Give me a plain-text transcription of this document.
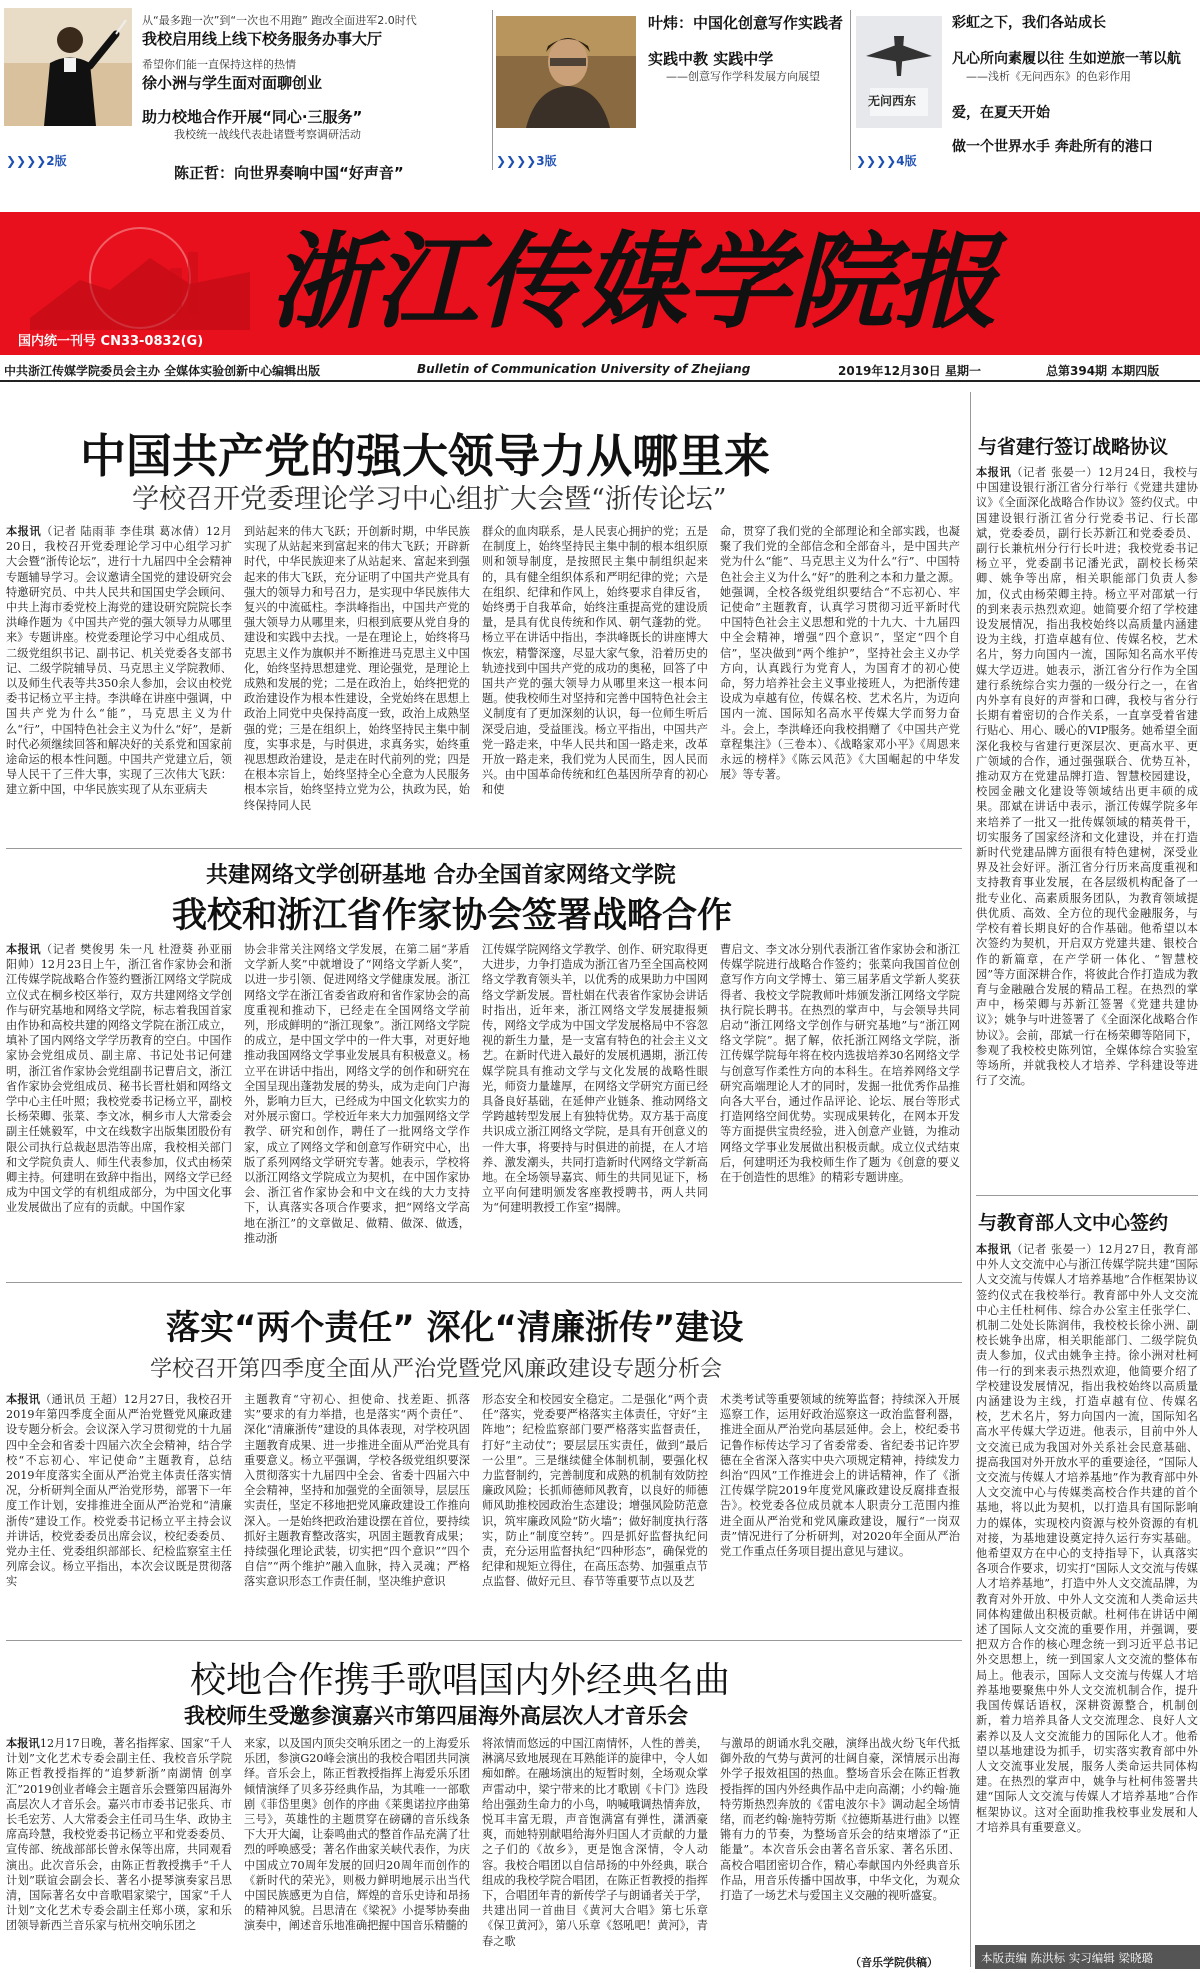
从“最多跑一次”到“一次也不用跑” 跑改全面进军2.0时代
我校启用线上线下校务服务办事大厅
希望你们能一直保持这样的热情
徐小洲与学生面对面聊创业
助力校地合作开展“同心·三服务”
我校统一战线代表赴诸暨考察调研活动
陈正哲：向世界奏响中国“好声音”
❯❯❯❯2版
叶炜：中国化创意写作实践者
实践中教 实践中学
——创意写作学科发展方向展望
❯❯❯❯3版
无问西东
彩虹之下，我们各站成长
凡心所向素履以往 生如逆旅一苇以航
——浅析《无问西东》的色彩作用
爱，在夏天开始
做一个世界水手 奔赴所有的港口
❯❯❯❯4版
浙江传媒学院报
国内统一刊号 CN33-0832(G)
中共浙江传媒学院委员会主办 全媒体实验创新中心编辑出版	Bulletin of Communication University of Zhejiang	2019年12月30日 星期一	总第394期 本期四版
与省建行签订战略协议
本报讯（记者 张晏一）12月24日，我校与中国建设银行浙江省分行举行《党建共建协议》《全面深化战略合作协议》签约仪式。中国建设银行浙江省分行党委书记、行长邵斌，党委委员，副行长苏新江和党委委员、副行长兼杭州分行行长叶进；我校党委书记杨立平，党委副书记潘光武，副校长杨荣卿、姚争等出席，相关职能部门负责人参加，仪式由杨荣卿主持。杨立平对邵斌一行的到来表示热烈欢迎。她简要介绍了学校建设发展情况，指出我校始终以高质量内涵建设为主线，打造卓越有位、传媒名校，艺术名片，努力向国内一流，国际知名高水平传媒大学迈进。她表示，浙江省分行作为全国建行系统综合实力强的一级分行之一，在省内外享有良好的声誉和口碑，我校与省分行长期有着密切的合作关系，一直享受着省建行贴心、用心、暖心的VIP服务。她希望全面深化我校与省建行更深层次、更高水平、更广领域的合作，通过强强联合、优势互补，推动双方在党建品牌打造、智慧校园建设，校园金融文化建设等领域结出更丰硕的成果。邵斌在讲话中表示，浙江传媒学院多年来培养了一批又一批传媒领域的精英骨干，切实服务了国家经济和文化建设，并在打造新时代党建品牌方面很有特色建树，深受业界及社会好评。浙江省分行历来高度重视和支持教育事业发展，在各层级机构配备了一批专业化、高素质服务团队，为教育领域提供优质、高效、全方位的现代金融服务，与学校有着长期良好的合作基础。他希望以本次签约为契机，开启双方党建共建、银校合作的新篇章，在产学研一体化、“智慧校园”等方面深耕合作，将彼此合作打造成为教育与金融融合发展的精品工程。在热烈的掌声中，杨荣卿与苏新江签署《党建共建协议》；姚争与叶进签署了《全面深化战略合作协议》。会前，邵斌一行在杨荣卿等陪同下，参观了我校校史陈列馆，全媒体综合实验室等场所，并就我校人才培养、学科建设等进行了交流。
与教育部人文中心签约
本报讯（记者 张晏一）12月27日，教育部中外人文交流中心与浙江传媒学院共建“国际人文交流与传媒人才培养基地”合作框架协议签约仪式在我校举行。教育部中外人文交流中心主任杜柯伟、综合办公室主任张学仁、机制二处处长陈润伟，我校校长徐小洲、副校长姚争出席，相关职能部门、二级学院负责人参加，仪式由姚争主持。徐小洲对杜柯伟一行的到来表示热烈欢迎，他简要介绍了学校建设发展情况，指出我校始终以高质量内涵建设为主线，打造卓越有位、传媒名校，艺术名片，努力向国内一流，国际知名高水平传媒大学迈进。他表示，目前中外人文交流已成为我国对外关系社会民意基础、提高我国对外开放水平的重要途径，“国际人文交流与传媒人才培养基地”作为教育部中外人文交流中心与传媒类高校合作共建的首个基地，将以此为契机，以打造具有国际影响力的媒体，实现校内资源与校外资源的有机对接，为基地建设奠定持久运行夯实基础。他希望双方在中心的支持指导下，认真落实各项合作要求，切实打“国际人文交流与传媒人才培养基地”，打造中外人文交流品牌，为教育对外开放、中外人文交流和人类命运共同体构建做出积极贡献。杜柯伟在讲话中阐述了国际人文交流的重要作用，并强调，要把双方合作的核心理念统一到习近平总书记外交思想上，统一到国家人文交流的整体布局上。他表示，国际人文交流与传媒人才培养基地要聚焦中外人文交流机制合作，提升我国传媒话语权，深耕资源整合，机制创新，着力培养具备人文交流理念、良好人文素养以及人文交流能力的国际化人才。他希望以基地建设为抓手，切实落实教育部中外人文交流事业发展，服务人类命运共同体构建。在热烈的掌声中，姚争与杜柯伟签署共建“国际人文交流与传媒人才培养基地”合作框架协议。这对全面助推我校事业发展和人才培养具有重要意义。
中国共产党的强大领导力从哪里来
学校召开党委理论学习中心组扩大会暨“浙传论坛”
本报讯（记者 陆雨菲 李佳琪 葛冰倩）12月20日，我校召开党委理论学习中心组学习扩大会暨“浙传论坛”，进行十九届四中全会精神专题辅导学习。会议邀请全国党的建设研究会特邀研究员、中共人民共和国国史学会顾问、中共上海市委党校上海党的建设研究院院长李洪峰作题为《中国共产党的强大领导力从哪里来》专题讲座。校党委理论学习中心组成员、二级党组织书记、副书记、机关党委各支部书记、二级学院辅导员、马克思主义学院教师、以及师生代表等共350余人参加，会议由校党委书记杨立平主持。李洪峰在讲座中强调，中国共产党为什么“能”，马克思主义为什么“行”，中国特色社会主义为什么“好”，是新时代必须继续回答和解决好的关系党和国家前途命运的根本性问题。中国共产党建立后，领导人民干了三件大事，实现了三次伟大飞跃：建立新中国，中华民族实现了从东亚病夫
到站起来的伟大飞跃；开创新时期，中华民族实现了从站起来到富起来的伟大飞跃；开辟新时代，中华民族迎来了从站起来、富起来到强起来的伟大飞跃，充分证明了中国共产党具有强大的领导力和号召力，是实现中华民族伟大复兴的中流砥柱。李洪峰指出，中国共产党的强大领导力从哪里来，归根到底要从党自身的建设和实践中去找。一是在理论上，始终将马克思主义作为旗帜并不断推进马克思主义中国化，始终坚持思想建党、理论强党，是理论上成熟和发展的党；二是在政治上，始终把党的政治建设作为根本性建设，全党始终在思想上政治上同党中央保持高度一致，政治上成熟坚强的党；三是在组织上，始终坚持民主集中制度，实事求是，与时俱进，求真务实，始终重视思想政治建设，是走在时代前列的党；四是在根本宗旨上，始终坚持全心全意为人民服务根本宗旨，始终坚持立党为公，执政为民，始终保持同人民
群众的血肉联系，是人民衷心拥护的党；五是在制度上，始终坚持民主集中制的根本组织原则和领导制度，是按照民主集中制组织起来的，具有健全组织体系和严明纪律的党；六是在组织、纪律和作风上，始终要求自律反省，始终勇于自我革命，始终注重提高党的建设质量，是具有优良传统和作风、朝气蓬勃的党。杨立平在讲话中指出，李洪峰既长的讲座博大恢宏，精警深邃，尽显大家气象，沿着历史的轨迹找到中国共产党的成功的奥秘，回答了中国共产党的强大领导力从哪里来这一根本问题。使我校师生对坚持和完善中国特色社会主义制度有了更加深刻的认识，每一位师生听后深受启迪，受益匪浅。杨立平指出，中国共产党一路走来，中华人民共和国一路走来，改革开放一路走来，我们党为人民而生，因人民而兴。由中国革命传统和红色基因所孕育的初心和使
命，贯穿了我们党的全部理论和全部实践，也凝聚了我们党的全部信念和全部奋斗，是中国共产党为什么“能”、马克思主义为什么“行”、中国特色社会主义为什么“好”的胜利之本和力量之源。她强调，全校各级党组织要结合“不忘初心、牢记使命”主题教育，认真学习贯彻习近平新时代中国特色社会主义思想和党的十九大、十九届四中全会精神，增强“四个意识”，坚定“四个自信”，坚决做到“两个维护”，坚持社会主义办学方向，认真践行为党育人，为国育才的初心使命，努力培养社会主义事业接班人，为把浙传建设成为卓越有位，传媒名校、艺术名片，为迈向国内一流、国际知名高水平传媒大学而努力奋斗。会上，李洪峰还向我校捐赠了《中国共产党章程集注》（三卷本）、《战略家邓小平》《周恩来永远的榜样》《陈云风范》《大国崛起的中华发展》等专著。
共建网络文学创研基地 合办全国首家网络文学院
我校和浙江省作家协会签署战略合作
本报讯（记者 樊俊男 朱一凡 杜澄葵 孙亚丽 阳帅）12月23日上午，浙江省作家协会和浙江传媒学院战略合作签约暨浙江网络文学院成立仪式在桐乡校区举行，双方共建网络文学创作与研究基地和网络文学院，标志着我国首家由作协和高校共建的网络文学院在浙江成立，填补了国内网络文学学历教育的空白。中国作家协会党组成员、副主席、书记处书记何建明，浙江省作家协会党组副书记曹启文，浙江省作家协会党组成员、秘书长晋杜娟和网络文学中心主任叶照；我校党委书记杨立平，副校长杨荣卿、张菜、李文冰，桐乡市人大常委会副主任姚毅军，中文在线数字出版集团股份有限公司执行总裁赵思浩等出席，我校相关部门和文学院负责人、师生代表参加，仪式由杨荣卿主持。何建明在致辞中指出，网络文学已经成为中国文学的有机组成部分，为中国文化事业发展做出了应有的贡献。中国作家
协会非常关注网络文学发展，在第二届“茅盾文学新人奖”中就增设了“网络文学新人奖”，以进一步引领、促进网络文学健康发展。浙江网络文学在浙江省委省政府和省作家协会的高度重视和推动下，已经走在全国网络文学前列，形成鲜明的“浙江现象”。浙江网络文学院的成立，是中国文学中的一件大事，对更好地推动我国网络文学事业发展具有积极意义。杨立平在讲话中指出，网络文学的创作和研究在全国呈现出蓬勃发展的势头，成为走向门户海外，影响力巨大，已经成为中国文化软实力的对外展示窗口。学校近年来大力加强网络文学教学、研究和创作，聘任了一批网络文学作家，成立了网络文学和创意写作研究中心，出版了系列网络文学研究专著。她表示，学校将以浙江网络文学院成立为契机，在中国作家协会、浙江省作家协会和中文在线的大力支持下，认真落实各项合作要求，把“网络文学高地在浙江”的文章做足、做精、做深、做透，推动浙
江传媒学院网络文学教学、创作、研究取得更大进步，力争打造成为浙江省乃至全国高校网络文学教育领头羊，以优秀的成果助力中国网络文学新发展。晋杜娟在代表省作家协会讲话时指出，近年来，浙江网络文学发展捷报频传，网络文学成为中国文学发展格局中不容忽视的新生力量，是一支富有特色的社会主义文艺。在新时代进入最好的发展机遇期，浙江传媒学院具有推动文学与文化发展的战略性眼光，师资力量雄厚，在网络文学研究方面已经具备良好基础，在延伸产业链条、推动网络文学跨越转型发展上有独特优势。双方基于高度共识成立浙江网络文学院，是具有开创意义的一件大事，将要持与时俱进的前提，在人才培养、激发潮头，共同打造新时代网络文学新高地。在全场领导嘉宾、师生的共同见证下，杨立平向何建明颁发客座教授聘书，两人共同为“何建明教授工作室”揭牌。
曹启文、李文冰分别代表浙江省作家协会和浙江传媒学院进行战略合作签约；张菜向我国首位创意写作方向文学博士、第三届茅盾文学新人奖获得者、我校文学院教师叶炜颁发浙江网络文学院执行院长聘书。在热烈的掌声中，与会领导共同启动“浙江网络文学创作与研究基地”与“浙江网络文学院”。据了解，依托浙江网络文学院，浙江传媒学院每年将在校内选拔培养30名网络文学与创意写作柔性方向的本科生。在培养网络文学研究高端理论人才的同时，发掘一批优秀作品推向各大平台，通过作品评论、论坛、展台等形式打造网络空间优势。实现成果转化，在网本开发等方面提供宝贵经验，进入创意产业链，为推动网络文学事业发展做出积极贡献。成立仪式结束后，何建明还为我校师生作了题为《创意的要义在于创造性的思维》的精彩专题讲座。
落实“两个责任” 深化“清廉浙传”建设
学校召开第四季度全面从严治党暨党风廉政建设专题分析会
本报讯（通讯员 王超）12月27日，我校召开2019年第四季度全面从严治党暨党风廉政建设专题分析会。会议深入学习贯彻党的十九届四中全会和省委十四届六次全会精神，结合学校“不忘初心、牢记使命”主题教育，总结2019年度落实全面从严治党主体责任落实情况，分析研判全面从严治党形势，部署下一年度工作计划，安排推进全面从严治党和“清廉浙传”建设工作。校党委书记杨立平主持会议并讲话，校党委委员出席会议，校纪委委员、党办主任、党委组织部部长、纪检监察室主任列席会议。杨立平指出，本次会议既是贯彻落实
主题教育“守初心、担使命、找差距、抓落实”要求的有力举措，也是落实“两个责任”、深化“清廉浙传”建设的具体表现，对学校巩固主题教育成果、进一步推进全面从严治党具有重要意义。杨立平强调，学校各级党组织要深入贯彻落实十九届四中全会、省委十四届六中全会精神，坚持和加强党的全面领导，层层压实责任，坚定不移地把党风廉政建设工作推向深入。一是始终把政治建设摆在首位，要持续抓好主题教育整改落实，巩固主题教育成果；持续强化理论武装，切实把“四个意识”“四个自信”“两个维护”融入血脉，持入灵魂；严格落实意识形态工作责任制，坚决维护意识
形态安全和校园安全稳定。二是强化“两个责任”落实，党委要严格落实主体责任，守好“主阵地”；纪检监察部门要严格落实监督责任，打好“主动仗”；要层层压实责任，做到“最后一公里”。三是继续健全体制机制，要强化权力监督制约，完善制度和成熟的机制有效防控廉政风险；长抓师德师风教育，以良好的师德师风助推校园政治生态建设；增强风险防范意识，筑牢廉政风险“防火墙”；做好制度执行落实，防止“制度空转”。四是抓好监督执纪问责，充分运用监督执纪“四种形态”，确保党的纪律和规矩立得住，在高压态势、加强重点节点监督、做好元旦、春节等重要节点以及艺
术类考试等重要领域的统筹监督；持续深入开展巡察工作，运用好政治巡察这一政治监督利器，推进全面从严治党向基层延伸。会上，校纪委书记鲁作标传达学习了省委常委、省纪委书记许罗德在全省深入落实中央六项规定精神，持续发力纠治“四风”工作推进会上的讲话精神，作了《浙江传媒学院2019年度党风廉政建设反腐排查报告》。校党委各位成员就本人职责分工范围内推进全面从严治党和党风廉政建设，履行“一岗双责”情况进行了分析研判，对2020年全面从严治党工作重点任务项目提出意见与建议。
校地合作携手歌唱国内外经典名曲
我校师生受邀参演嘉兴市第四届海外高层次人才音乐会
本报讯12月17日晚，著名指挥家、国家“千人计划”文化艺术专委会副主任、我校音乐学院陈正哲教授指挥的“追梦新浙”南湖情 创享汇”2019创业者峰会主题音乐会暨第四届海外高层次人才音乐会。嘉兴市市委书记张兵、市长毛宏芳、人大常委会主任司马生华、政协主席高玲慧，我校党委书记杨立平和党委委员、宣传部、统战部部长曾永保等出席，共同观看演出。此次音乐会，由陈正哲教授携手“千人计划”联谊会副会长、著名小提琴演奏家吕思清，国际著名女中音歌唱家梁宁，国家“千人计划”文化艺术专委会副主任郑小瑛，家和乐团领导新西兰音乐家与杭州交响乐团之
来家，以及国内顶尖交响乐团之一的上海爱乐乐团，参演G20峰会演出的我校合唱团共同演绎。音乐会上，陈正哲教授指挥上海爱乐乐团倾情演绎了贝多芬经典作品，为其唯一一部歌剧《菲岱里奥》创作的序曲《莱奥诺拉序曲第三号》，英雄性的主题贯穿在磅礴的音乐线条下大开大阖，让泰鸣曲式的整首作品充满了壮烈的呼唤感受；著名作曲家关峡代表作，为庆中国成立70周年发展的回归20周年而创作的《新时代的荣光》，则极力鲜明地展示出当代中国民族感更为自信，辉煌的音乐史诗和昂扬的精神风貌。吕思清在《梁祝》小提琴协奏曲演奏中，阐述音乐地准确把握中国音乐精髓的
将浓情而悠远的中国江南情怀，人性的善美，淋漓尽致地展现在耳熟能详的旋律中，令人如痴如醉。在融场演出的短暂时刻，全场观众掌声雷动中，梁宁带来的比才歌剧《卡门》选段给出强劲生命力的小鸟，呐喊哦调热情奔放，悦耳丰富无瑕，声音饱满富有弹性，潇洒豪爽，而她特别献唱给海外归国人才贡献的力量之子们的《故乡》，更是饱含深情，令人动容。我校合唱团以自信昂扬的中外经典，联合组成的我校学院合唱团，在陈正哲教授的指挥下，合唱团年青的新传学子与朗诵者关于学，共建出同一首曲目《黄河大合唱》第七乐章《保卫黄河》，第八乐章《怒吼吧！黄河》，青春之歌
与激昂的朗诵水乳交融，演绎出战火纷飞年代抵御外敌的气势与黄河的壮阔自豪，深情展示出海外学子报效祖国的热血。整场音乐会在陈正哲教授指挥的国内外经典作品中走向高潮；小约翰·施特劳斯热烈奔放的《雷电波尔卡》调动起全场情绪，而老约翰·施特劳斯《拉德斯基进行曲》以铿锵有力的节奏，为整场音乐会的结束增添了“正能量”。本次音乐会由著名音乐家、著名乐团、高校合唱团密切合作，精心奉献国内外经典音乐作品，用音乐传播中国故事，中华文化，为观众打造了一场艺术与爱国主义交融的视听盛宴。
（音乐学院供稿）	本版责编 陈洪标 实习编辑 梁晓璐
